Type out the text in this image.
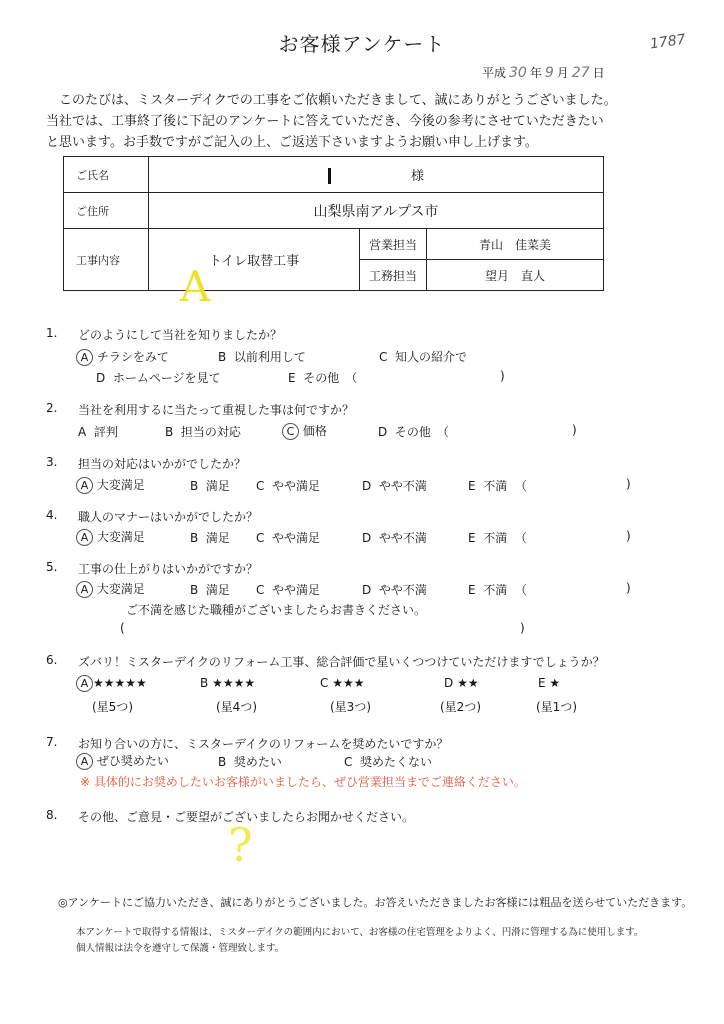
お客様アンケート	1787
平成 30 年 9 月 27 日
　このたびは、ミスターデイクでの工事をご依頼いただきまして、誠にありがとうございました。
当社では、工事終了後に下記のアンケートに答えていただき、今後の参考にさせていただきたい
と思います。お手数ですがご記入の上、ご返送下さいますようお願い申し上げます。
ご氏名	様		
ご住所	山梨県南アルプス市		
工事内容	トイレ取替工事	営業担当	青山　佳菜美
		工務担当	望月　直人
A
1. どのようにして当社を知りましたか？
A チラシをみて	B 以前利用して	C 知人の紹介で
D ホームページを見て	E その他　（	)
2. 当社を利用するに当たって重視した事は何ですか？
A 評判	B 担当の対応	C 価格	D その他　（	)
3. 担当の対応はいかがでしたか？
A 大変満足	B 満足 C やや満足	D やや不満	E 不満 （	)
4. 職人のマナーはいかがでしたか？
A 大変満足	B 満足 C やや満足	D やや不満	E 不満 （	)
5. 工事の仕上がりはいかがですか？
A 大変満足	B 満足 C やや満足	D やや不満	E 不満 （	)
ご不満を感じた職種がございましたらお書きください。
(	)
6. ズバリ！ミスターデイクのリフォーム工事、総合評価で星いくつつけていただけますでしょうか？
A ★★★★★	B ★★★★	C ★★★	D ★★	E ★
(星5つ)	(星4つ)	(星3つ)	(星2つ)	(星1つ)
7. お知り合いの方に、ミスターデイクのリフォームを奨めたいですか？
A ぜひ奨めたい	B 奨めたい	C 奨めたくない
※ 具体的にお奨めしたいお客様がいましたら、ぜひ営業担当までご連絡ください。
8. その他、ご意見・ご要望がございましたらお聞かせください。
?
◎アンケートにご協力いただき、誠にありがとうございました。お答えいただきましたお客様には粗品を送らせていただきます。
本アンケートで取得する情報は、ミスターデイクの範囲内において、お客様の住宅管理をよりよく、円滑に管理する為に使用します。
個人情報は法令を遵守して保護・管理致します。
